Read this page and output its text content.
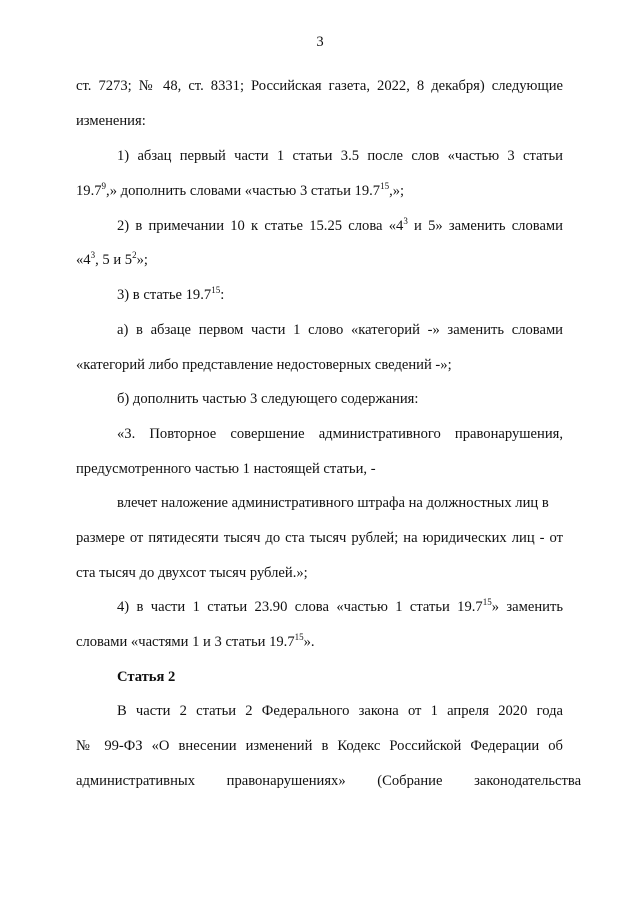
3
ст. 7273; № 48, ст. 8331; Российская газета, 2022, 8 декабря) следующие
изменения:
1) абзац первый части 1 статьи 3.5 после слов «частью 3 статьи
19.7$^9$,» дополнить словами «частью 3 статьи 19.7$^{15}$,»;
2) в примечании 10 к статье 15.25 слова «$4^3$ и 5» заменить словами
«$4^3$, 5 и $5^2$»;
3) в статье 19.7$^{15}$:
а) в абзаце первом части 1 слово «категорий -» заменить словами
«категорий либо представление недостоверных сведений -»;
б) дополнить частью 3 следующего содержания:
«3. Повторное совершение административного правонарушения,
предусмотренного частью 1 настоящей статьи, -
влечет наложение административного штрафа на должностных лиц в
размере от пятидесяти тысяч до ста тысяч рублей; на юридических лиц - от
ста тысяч до двухсот тысяч рублей.»;
4) в части 1 статьи 23.90 слова «частью 1 статьи 19.7$^{15}$» заменить
словами «частями 1 и 3 статьи 19.7$^{15}$».
Статья 2
В части 2 статьи 2 Федерального закона от 1 апреля 2020 года
№ 99-ФЗ «О внесении изменений в Кодекс Российской Федерации об
административных правонарушениях» (Собрание законодательства
